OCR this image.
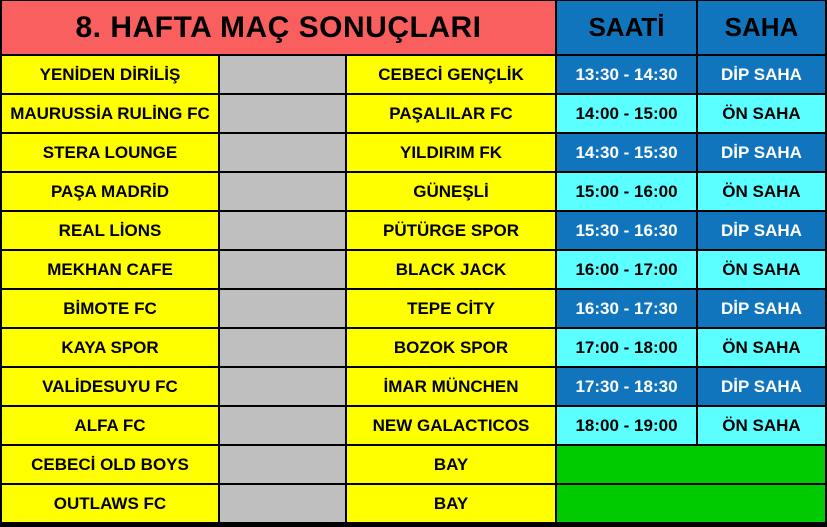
8. HAFTA MAÇ SONUÇLARI	SAATİ	SAHA
YENİDEN DİRİLİŞ	CEBECİ GENÇLİK	13:30 - 14:30	DİP SAHA
MAURUSSİA RULİNG FC	PAŞALILAR FC	14:00 - 15:00	ÖN SAHA
STERA LOUNGE	YILDIRIM FK	14:30 - 15:30	DİP SAHA
PAŞA MADRİD	GÜNEŞLİ	15:00 - 16:00	ÖN SAHA
REAL LİONS	PÜTÜRGE SPOR	15:30 - 16:30	DİP SAHA
MEKHAN CAFE	BLACK JACK	16:00 - 17:00	ÖN SAHA
BİMOTE FC	TEPE CİTY	16:30 - 17:30	DİP SAHA
KAYA SPOR	BOZOK SPOR	17:00 - 18:00	ÖN SAHA
VALİDESUYU FC	İMAR MÜNCHEN	17:30 - 18:30	DİP SAHA
ALFA FC	NEW GALACTICOS	18:00 - 19:00	ÖN SAHA
CEBECİ OLD BOYS	BAY
OUTLAWS FC	BAY
